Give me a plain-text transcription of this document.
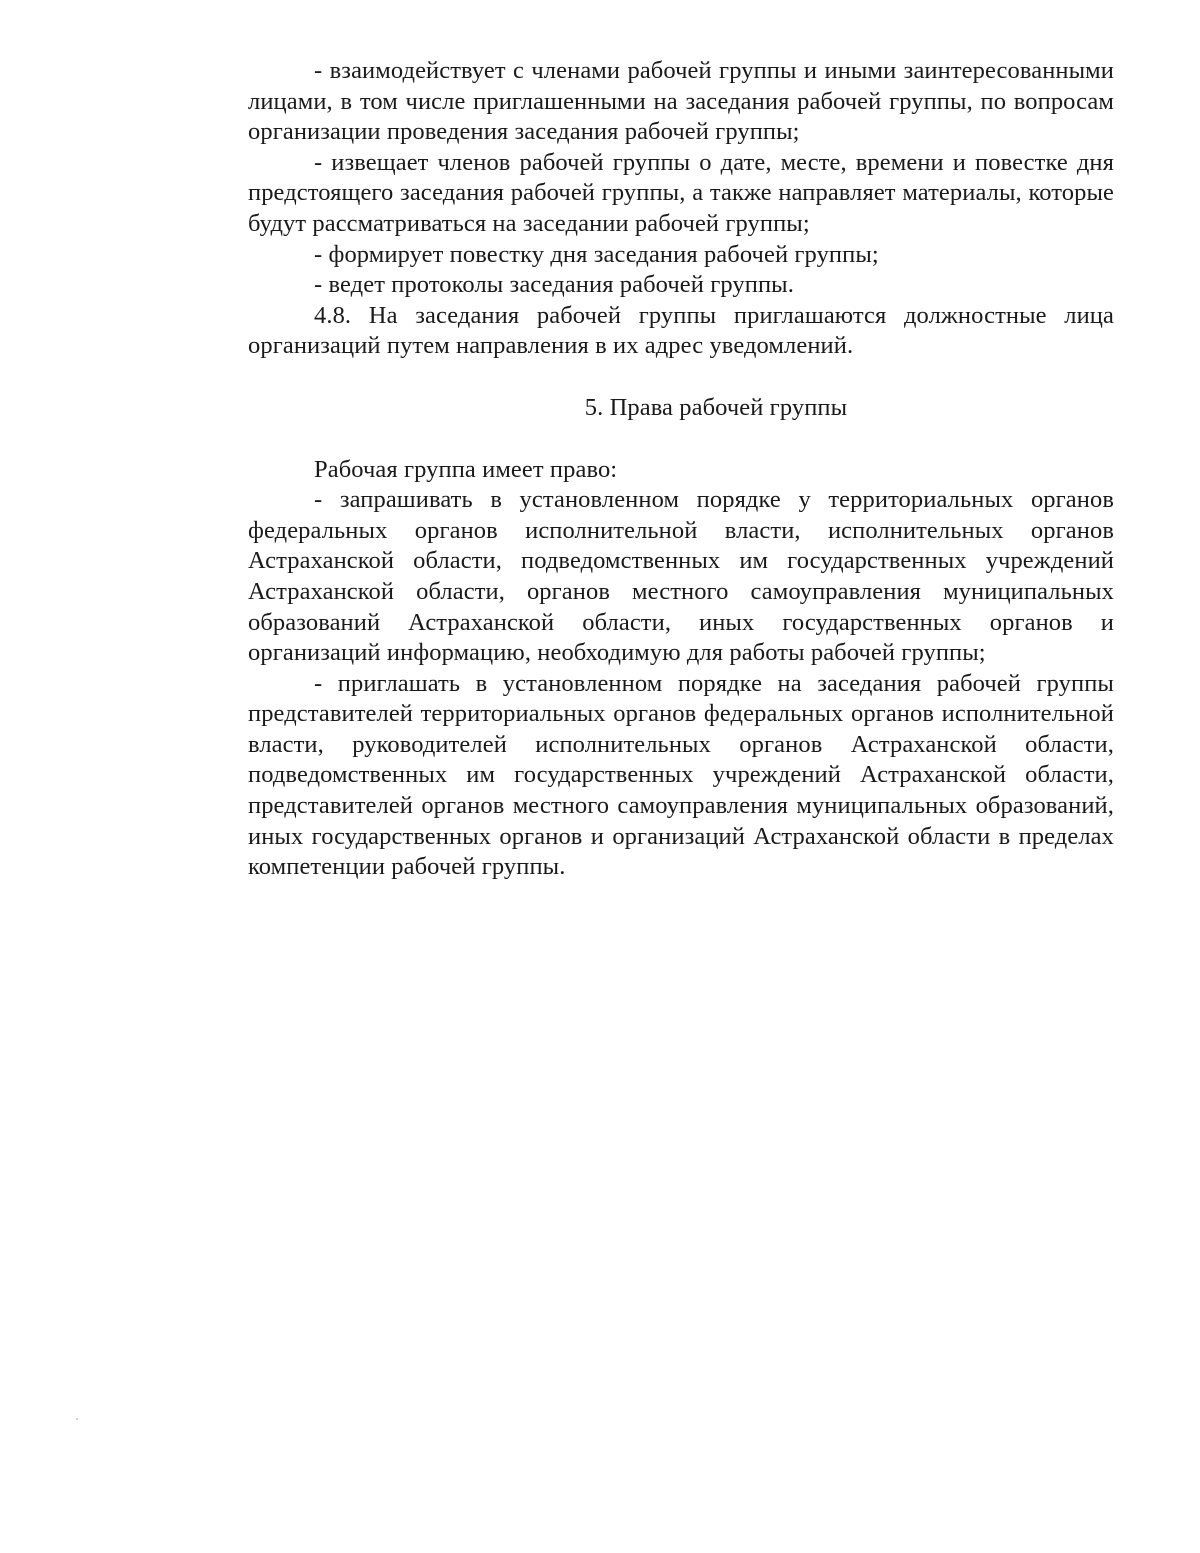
- взаимодействует с членами рабочей группы и иными заинтересованными лицами, в том числе приглашенными на заседания рабочей группы, по вопросам организации проведения заседания рабочей группы;

- извещает членов рабочей группы о дате, месте, времени и повестке дня предстоящего заседания рабочей группы, а также направляет материалы, которые будут рассматриваться на заседании рабочей группы;

- формирует повестку дня заседания рабочей группы;

- ведет протоколы заседания рабочей группы.

4.8. На заседания рабочей группы приглашаются должностные лица организаций путем направления в их адрес уведомлений.

5. Права рабочей группы

Рабочая группа имеет право:

- запрашивать в установленном порядке у территориальных органов федеральных органов исполнительной власти, исполнительных органов Астраханской области, подведомственных им государственных учреждений Астраханской области, органов местного самоуправления муниципальных образований Астраханской области, иных государственных органов и организаций информацию, необходимую для работы рабочей группы;

- приглашать в установленном порядке на заседания рабочей группы представителей территориальных органов федеральных органов исполнительной власти, руководителей исполнительных органов Астраханской области, подведомственных им государственных учреждений Астраханской области, представителей органов местного самоуправления муниципальных образований, иных государственных органов и организаций Астраханской области в пределах компетенции рабочей группы.
